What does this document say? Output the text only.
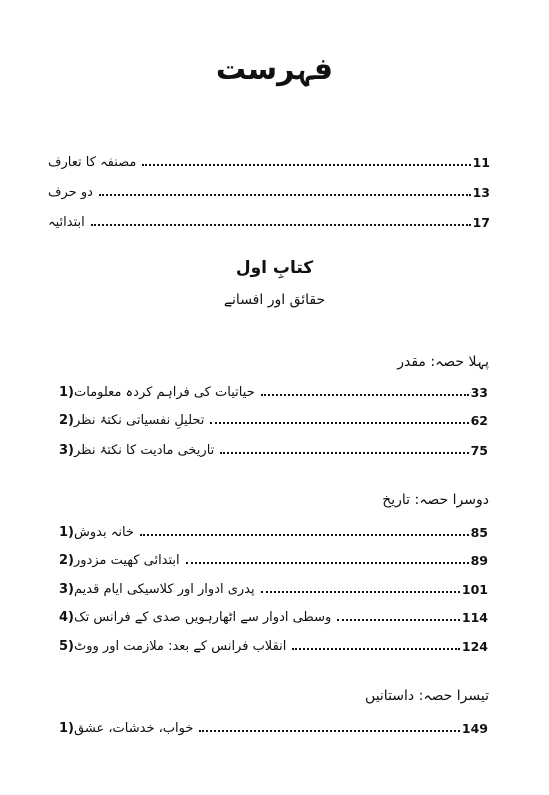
فہرست
مصنفہ کا تعارف	11
دو حرف	13
ابتدائیہ	17
کتابِ اول
حقائق اور افسانے
پہلا حصہ: مقدر
1) حیاتیات کی فراہم کردہ معلومات	33
2) تحلیلِ نفسیاتی نکتۂ نظر	62
3) تاریخی مادیت کا نکتۂ نظر	75
دوسرا حصہ: تاریخ
1) خانہ بدوش	85
2) ابتدائی کھیت مزدور	89
3) پدری ادوار اور کلاسیکی ایام قدیم	101
4) وسطی ادوار سے اٹھارہویں صدی کے فرانس تک	114
5) انقلاب فرانس کے بعد: ملازمت اور ووٹ	124
تیسرا حصہ: داستانیں
1) خواب، خدشات، عشق	149
